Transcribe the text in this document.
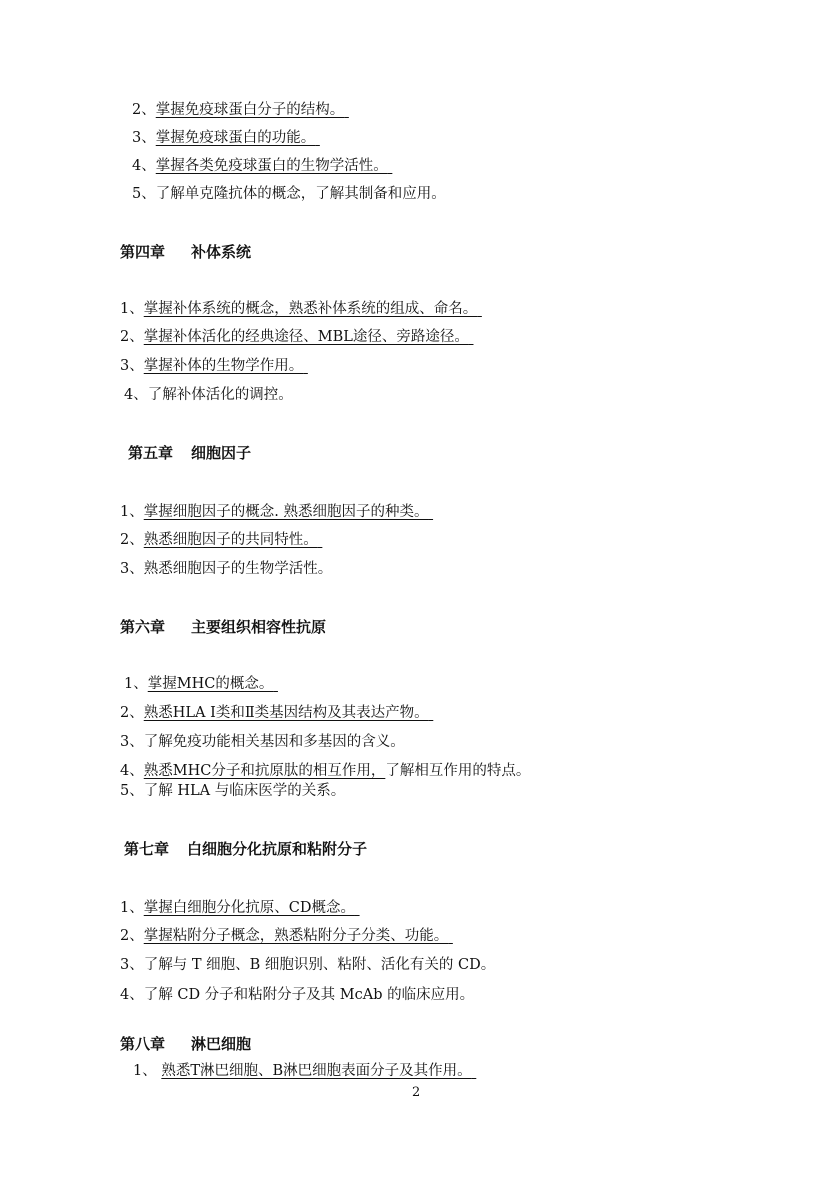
2、掌握免疫球蛋白分子的结构。
3、掌握免疫球蛋白的功能。
4、掌握各类免疫球蛋白的生物学活性。
5、了解单克隆抗体的概念，了解其制备和应用。
第四章 补体系统
1、掌握补体系统的概念，熟悉补体系统的组成、命名。
2、掌握补体活化的经典途径、MBL途径、旁路途径。
3、掌握补体的生物学作用。
4、了解补体活化的调控。
第五章 细胞因子
1、掌握细胞因子的概念. 熟悉细胞因子的种类。
2、熟悉细胞因子的共同特性。
3、熟悉细胞因子的生物学活性。
第六章 主要组织相容性抗原
1、掌握MHC的概念。
2、熟悉HLA Ⅰ类和Ⅱ类基因结构及其表达产物。
3、了解免疫功能相关基因和多基因的含义。
4、熟悉MHC分子和抗原肽的相互作用，了解相互作用的特点。
5、了解 HLA 与临床医学的关系。
第七章 白细胞分化抗原和粘附分子
1、掌握白细胞分化抗原、CD概念。
2、掌握粘附分子概念，熟悉粘附分子分类、功能。
3、了解与 T 细胞、B 细胞识别、粘附、活化有关的 CD。
4、了解 CD 分子和粘附分子及其 McAb 的临床应用。
第八章 淋巴细胞
1、 熟悉T淋巴细胞、B淋巴细胞表面分子及其作用。
2
